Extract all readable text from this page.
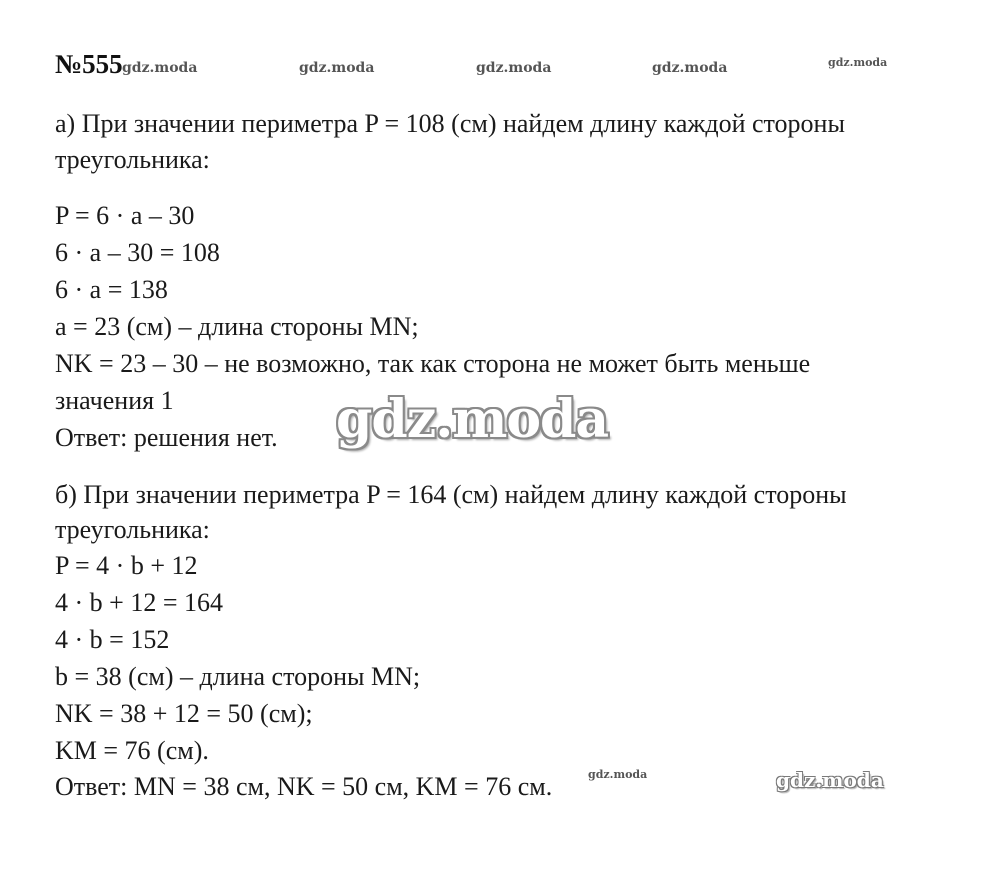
№555 gdz.moda	gdz.moda	gdz.moda	gdz.moda	gdz.moda
а) При значении периметра P = 108 (см) найдем длину каждой стороны
треугольника:
P = 6 · a – 30
6 · a – 30 = 108
6 · a = 138
a = 23 (см) – длина стороны MN;
NK = 23 – 30 – не возможно, так как сторона не может быть меньше
значения 1
Ответ: решения нет. gdz.moda
б) При значении периметра P = 164 (см) найдем длину каждой стороны
треугольника:
P = 4 · b + 12
4 · b + 12 = 164
4 · b = 152
b = 38 (см) – длина стороны MN;
NK = 38 + 12 = 50 (см);
KM = 76 (см).
Ответ: MN = 38 см, NK = 50 см, KM = 76 см.	gdz.moda	gdz.moda
